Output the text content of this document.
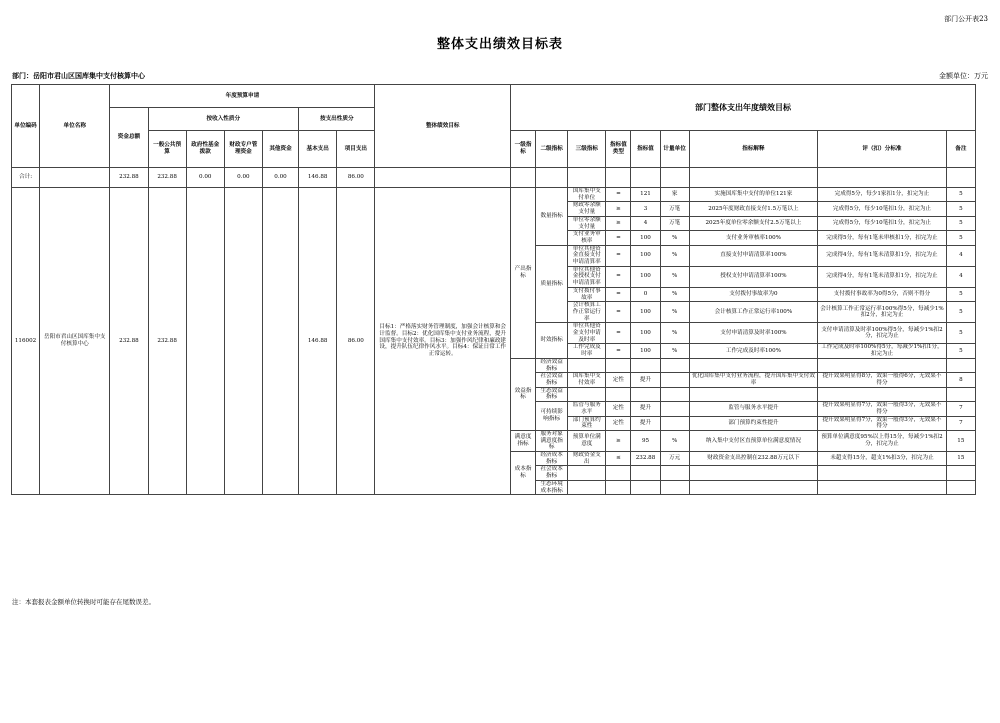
部门公开表23
整体支出绩效目标表
部门：岳阳市君山区国库集中支付核算中心	金额单位：万元
单位编码	单位名称	年度预算申请							整体绩效目标	部门整体支出年度绩效目标								
		资金总额	按收入性质分				按支出性质分											
			一般公共预算	政府性基金拨款	财政专户管理资金	其他资金	基本支出	项目支出		一级指标	二级指标	三级指标	指标值类型	指标值	计量单位	指标解释	评（扣）分标准	备注
合计:		232.88	232.88	0.00	0.00	0.00	146.88	86.00										
116002	岳阳市君山区国库集中支付核算中心	232.88	232.88				146.88	86.00	目标1：严格落实财务管理制度，加强会计核算和会计监督。目标2：优化国库集中支付业务流程，提升国库集中支付效率。目标3：加强作风纪律和廉政建设，提升队伍纪律作风水平。目标4：保证日常工作正常运转。	产出指标	数量指标	国库集中支付单位	=	121	家	实施国库集中支付的单位121家	完成得5分，每少1家扣1分，扣完为止	5
												财政零余额支付量	≥	3	万笔	2025年度财政直接支付1.5万笔以上	完成得5分，每少10笔扣1分，扣完为止	5
												单位零余额支付量	≥	4	万笔	2025年度单位零余额支付2.5万笔以上	完成得5分，每少10笔扣1分，扣完为止	5
												支付业务审核率	=	100	%	支付业务审核率100%	完成得5分，每有1笔未审核扣1分，扣完为止	5
											质量指标	单位其他资金直接支付申请清算率	=	100	%	直接支付申请清算率100%	完成得4分，每有1笔未清算扣1分，扣完为止	4
												单位其他资金授权支付申请清算率	=	100	%	授权支付申请清算率100%	完成得4分，每有1笔未清算扣1分，扣完为止	4
												支付拨付事故率	=	0	%	支付拨付事故率为0	支付拨付事故率为0得5分，否则不得分	5
												会计核算工作正常运行率	=	100	%	会计核算工作正常运行率100%	会计核算工作正常运行率100%得5分，每减少1%扣2分，扣完为止	5
											时效指标	单位其他资金支付申请及时率	=	100	%	支付申请清算及时率100%	支付申请清算及时率100%得5分，每减少1%扣2分，扣完为止	5
												工作完成及时率	=	100	%	工作完成及时率100%	工作完成及时率100%得5分，每减少1%扣1分，扣完为止	5
										效益指标	经济效益指标							
											社会效益指标	国库集中支付效率	定性	提升		优化国库集中支付业务流程，提升国库集中支付效率	提升效果明显得8分，效果一般得6分，无效果不得分	8
											生态效益指标							
											可持续影响指标	监管与服务水平	定性	提升		监管与服务水平提升	提升效果明显得7分，效果一般得3分，无效果不得分	7
												部门预算约束性	定性	提升		部门预算约束性提升	提升效果明显得7分，效果一般得3分，无效果不得分	7
										满意度指标	服务对象满意度指标	预算单位满意度	≥	95	%	纳入集中支付区直预算单位满意度情况	预算单位满意度95%以上得15分，每减少1%扣2分，扣完为止	15
										成本指标	经济成本指标	财政资金支出	≤	232.88	万元	财政资金支出控制在232.88万元以下	未超支得15分，超支1%扣3分，扣完为止	15
											社会成本指标							
											生态环境成本指标							
注：本套报表金额单位转换时可能存在尾数误差。
